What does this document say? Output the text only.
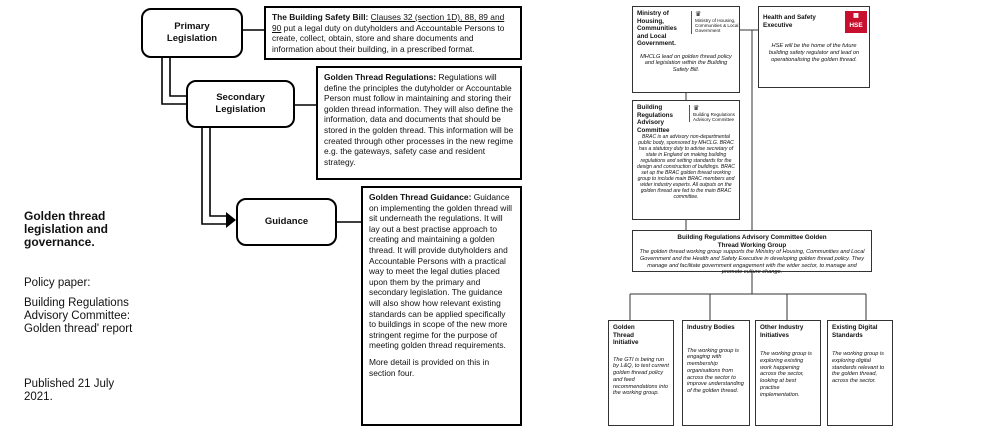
Golden thread legislation and governance.
Policy paper:
Building Regulations Advisory Committee: Golden thread' report
Published 21 July 2021.
Primary Legislation
Secondary Legislation
Guidance
The Building Safety Bill: Clauses 32 (section 1D), 88, 89 and 90 put a legal duty on dutyholders and Accountable Persons to create, collect, obtain, store and share documents and information about their building, in a prescribed format.
Golden Thread Regulations: Regulations will define the principles the dutyholder or Accountable Person must follow in maintaining and storing their golden thread information. They will also define the information, data and documents that should be stored in the golden thread. This information will be created through other processes in the new regime e.g. the gateways, safety case and resident strategy.
Golden Thread Guidance: Guidance on implementing the golden thread will sit underneath the regulations. It will lay out a best practise approach to creating and maintaining a golden thread. It will provide dutyholders and Accountable Persons with a practical way to meet the legal duties placed upon them by the primary and secondary legislation. The guidance will also show how relevant existing standards can be applied specifically to buildings in scope of the new more stringent regime for the purpose of meeting golden thread requirements.
More detail is provided on this in section four.
Ministry of Housing, Communities and Local Government.
♛
Ministry of Housing, Communities & Local Government
MHCLG lead on golden thread policy and legislation within the Building Safety Bill.
Health and Safety Executive
▦
HSE
HSE will be the home of the future building safety regulator and lead on operationalising the golden thread.
Building Regulations Advisory Committee
♛
Building Regulations Advisory Committee
BRAC is an advisory non-departmental public body, sponsored by MHCLG. BRAC has a statutory duty to advise secretary of state in England on making building regulations and setting standards for the design and construction of buildings. BRAC set up the BRAC golden thread working group to include main BRAC members and wider industry experts. All outputs on the golden thread are fed to the main BRAC committee.
Building Regulations Advisory Committee Golden Thread Working Group
The golden thread working group supports the Ministry of Housing, Communities and Local Government and the Health and Safety Executive in developing golden thread policy. They manage and facilitate government engagement with the wider sector, to manage and promote culture change.
Golden Thread Initiative
The GTI is being run by L&Q, to test current golden thread policy and feed recommendations into the working group.
Industry Bodies
The working group is engaging with membership organisations from across the sector to improve understanding of the golden thread.
Other Industry Initiatives
The working group is exploring existing work happening across the sector, looking at best practise implementation.
Existing Digital Standards
The working group is exploring digital standards relevant to the golden thread, across the sector.
